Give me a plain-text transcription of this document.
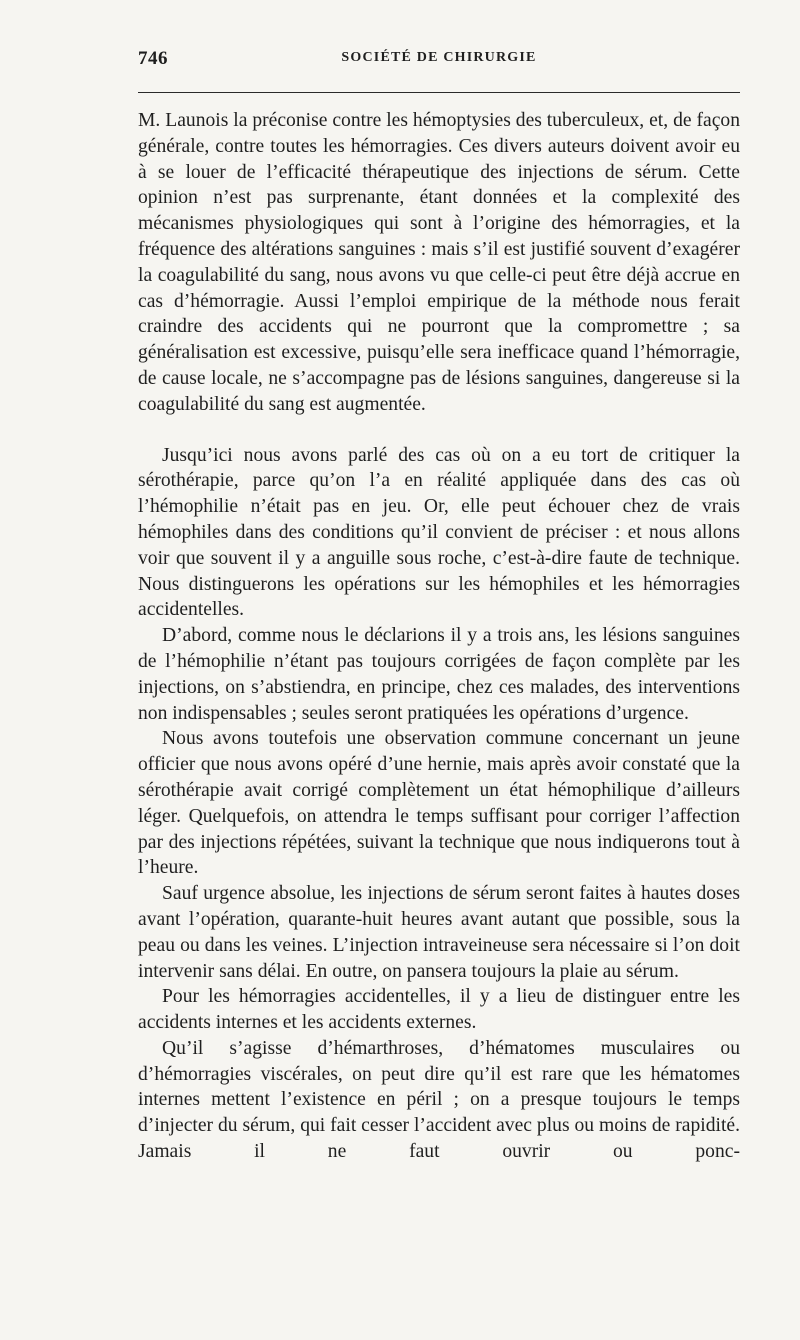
746	SOCIÉTÉ DE CHIRURGIE

M. Launois la préconise contre les hémoptysies des tuberculeux, et, de façon générale, contre toutes les hémorragies. Ces divers auteurs doivent avoir eu à se louer de l’efficacité thérapeutique des injections de sérum. Cette opinion n’est pas surprenante, étant données et la complexité des mécanismes physiologiques qui sont à l’origine des hémorragies, et la fréquence des altérations sanguines : mais s’il est justifié souvent d’exagérer la coagulabilité du sang, nous avons vu que celle-ci peut être déjà accrue en cas d’hémorragie. Aussi l’emploi empirique de la méthode nous ferait craindre des accidents qui ne pourront que la compromettre ; sa généralisation est excessive, puisqu’elle sera inefficace quand l’hémorragie, de cause locale, ne s’accompagne pas de lésions sanguines, dangereuse si la coagulabilité du sang est augmentée.

Jusqu’ici nous avons parlé des cas où on a eu tort de critiquer la sérothérapie, parce qu’on l’a en réalité appliquée dans des cas où l’hémophilie n’était pas en jeu. Or, elle peut échouer chez de vrais hémophiles dans des conditions qu’il convient de préciser : et nous allons voir que souvent il y a anguille sous roche, c’est-à-dire faute de technique. Nous distinguerons les opérations sur les hémophiles et les hémorragies accidentelles.

D’abord, comme nous le déclarions il y a trois ans, les lésions sanguines de l’hémophilie n’étant pas toujours corrigées de façon complète par les injections, on s’abstiendra, en principe, chez ces malades, des interventions non indispensables ; seules seront pratiquées les opérations d’urgence.

Nous avons toutefois une observation commune concernant un jeune officier que nous avons opéré d’une hernie, mais après avoir constaté que la sérothérapie avait corrigé complètement un état hémophilique d’ailleurs léger. Quelquefois, on attendra le temps suffisant pour corriger l’affection par des injections répétées, suivant la technique que nous indiquerons tout à l’heure.

Sauf urgence absolue, les injections de sérum seront faites à hautes doses avant l’opération, quarante-huit heures avant autant que possible, sous la peau ou dans les veines. L’injection intraveineuse sera nécessaire si l’on doit intervenir sans délai. En outre, on pansera toujours la plaie au sérum.

Pour les hémorragies accidentelles, il y a lieu de distinguer entre les accidents internes et les accidents externes.

Qu’il s’agisse d’hémarthroses, d’hématomes musculaires ou d’hémorragies viscérales, on peut dire qu’il est rare que les hématomes internes mettent l’existence en péril ; on a presque toujours le temps d’injecter du sérum, qui fait cesser l’accident avec plus ou moins de rapidité. Jamais il ne faut ouvrir ou ponc-
